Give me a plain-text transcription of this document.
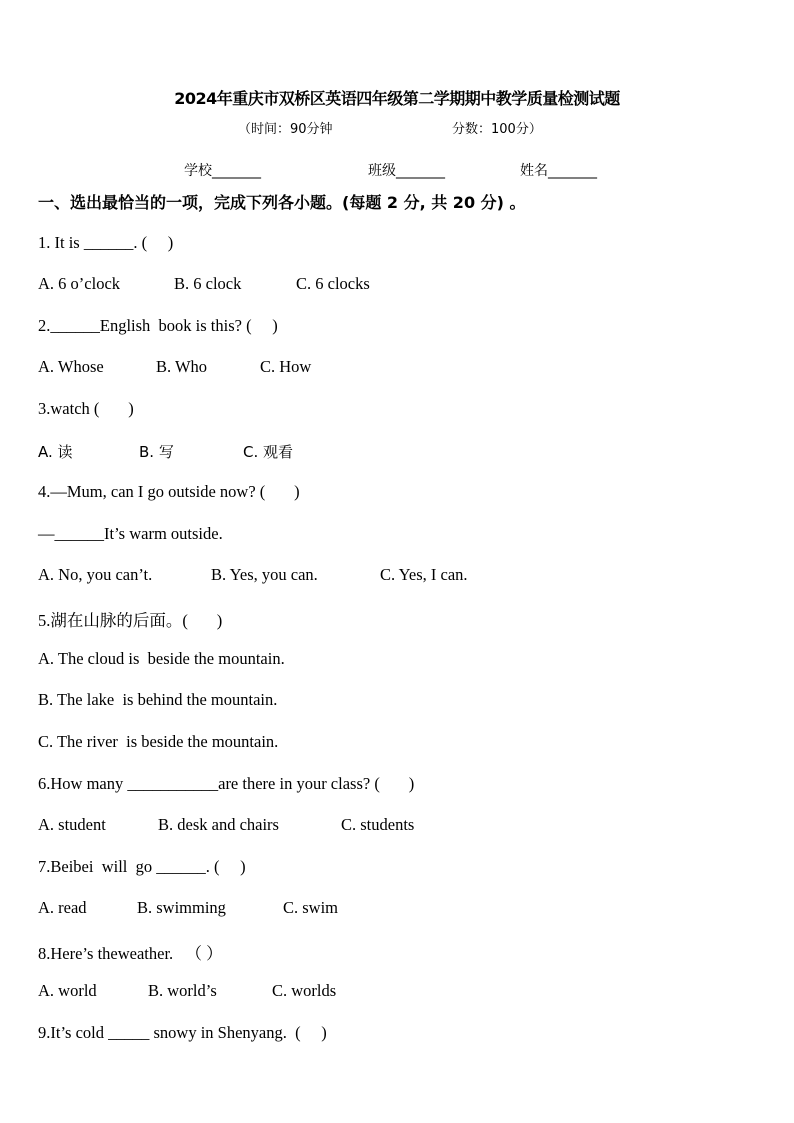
2024年重庆市双桥区英语四年级第二学期期中教学质量检测试题
（时间：90分钟	分数：100分）
学校_______	班级_______	姓名_______
一、选出最恰当的一项，完成下列各小题。(每题 2 分, 共 20 分) 。
1. It is ______. (     )
A. 6 o’clock	B. 6 clock	C. 6 clocks
2.______English  book is this? (     )
A. Whose	B. Who	C. How
3.watch (       )
A. 读	B. 写	C. 观看
4.—Mum, can I go outside now? (       )
—______It’s warm outside.
A. No, you can’t.	B. Yes, you can.	C. Yes, I can.
5.湖在山脉的后面。(       )
A. The cloud is  beside the mountain.
B. The lake  is behind the mountain.
C. The river  is beside the mountain.
6.How many ___________are there in your class? (       )
A. student	B. desk and chairs	C. students
7.Beibei  will  go ______. (     )
A. read	B. swimming	C. swim
8.Here’s theweather.   （ ）
A. world	B. world’s	C. worlds
9.It’s cold _____ snowy in Shenyang.  (     )
